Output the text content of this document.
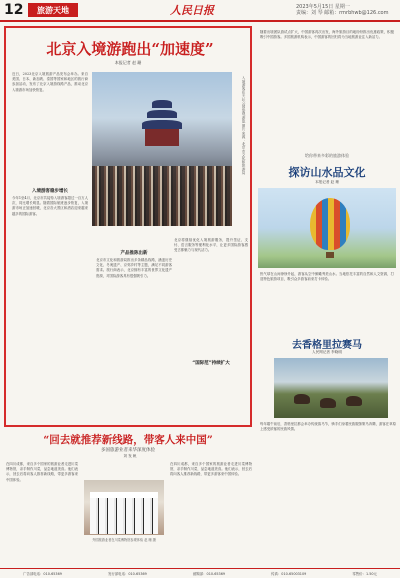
12	旅游天地	人民日报	2023年5月15日 星期一
责编：刘 琴 邮箱：rmrbhwb@126.com
北京入境游跑出“加速度”
本报记者 赵 珊
近日，2023北京入境旅游产品发布会举办。来自美国、日本、新加坡、泰国等国家和地区的旅行商参加活动，发布了北京入境游线路产品，推动北京入境游市场加快恢复。
入境游客稳步增长
今年1至4月，北京市共接待入境游客超过一百万人次，同比增长明显。随着国际航班逐步恢复，入境游市场正加速回暖，北京各大景区和酒店迎来越来越多的国际游客。
入境游客在天坛公园参观游览 图片来源：北京市文化和旅游局
产品推陈出新
北京市文化和旅游局推出多条精品线路，涵盖历史文化、冬奥遗产、京郊乡村等主题，满足不同游客需求。旅行商表示，北京拥有丰富的世界文化遗产资源，对国际游客具有很强吸引力。
“国际范”持续扩大
北京将继续优化入境旅游服务，提升签证、支付、语言服务等便利化水平，让更多国际游客感受古都魅力与现代活力。
随着出境团队游试点扩大，中国游客再次出发，海外旅游目的地纷纷推出优惠政策，积极吸引中国游客。多国旅游机构表示，中国游客的回归将为当地旅游业注入新活力。
给你带来多彩的旅游体验
探访山水品文化
本报记者 赵 珊
热气球在山间徐徐升起，游客从空中俯瞰秀美山水。当地依托丰富的自然和人文资源，打造特色旅游项目，吸引众多游客前来打卡体验。
去香格里拉赛马
人民网记者 李晓明
每年端午前后，香格里拉都会举办传统赛马节，骑手们身着民族服饰策马奔腾，游客在草原上感受浓郁的民族风情。
“回去就推荐新线路，带客人来中国”
多国旅游业者来华深度体验
刘 发 帆
在四川成都，来自多个国家的旅游业者走进川菜博物馆，亲手制作川菜，品尝地道美食。他们表示，回去后将向客人推荐新线路，带更多游客来中国体验。
外国旅游业者在川菜博物馆参观体验 赵 珊 摄
在四川成都，来自多个国家的旅游业者走进川菜博物馆，亲手制作川菜，品尝地道美食。他们表示，回去后将向客人推荐新线路，带更多游客来中国体验。
广告部电话：010-65369	发行部电话：010-65369	邮购部：010-65369	传真：010-65003109	零售价：1.50元
